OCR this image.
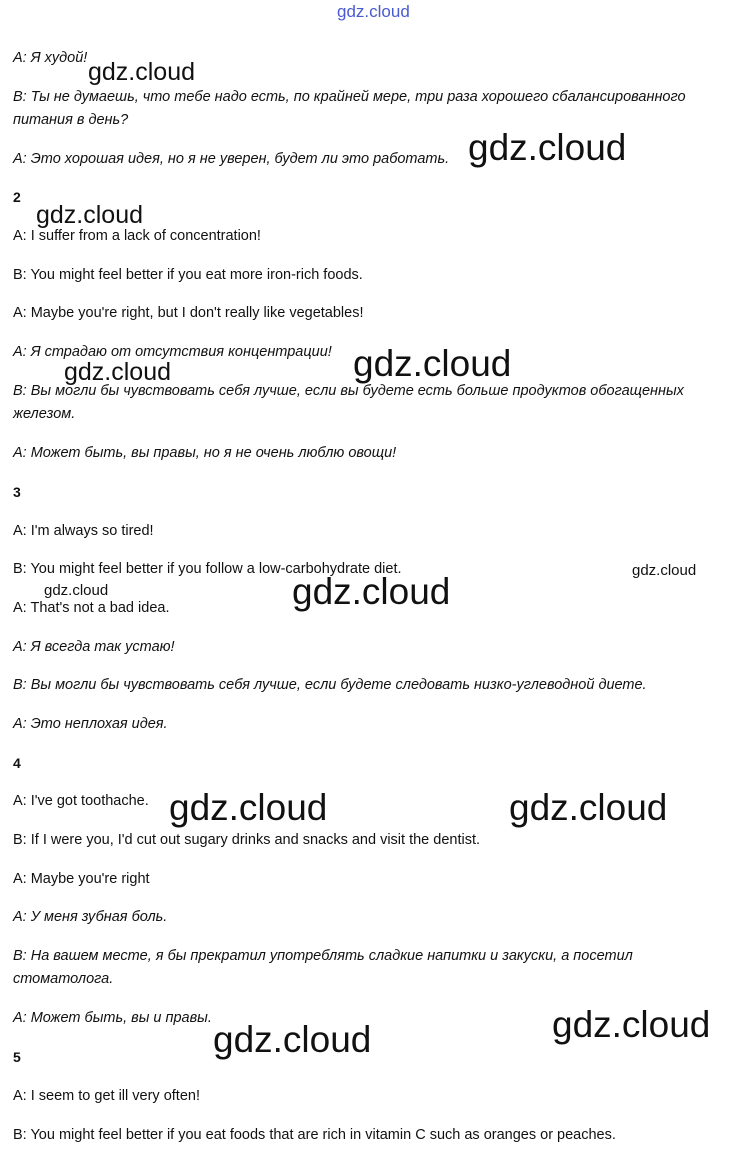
A: Я худой!
B: Ты не думаешь, что тебе надо есть, по крайней мере, три раза хорошего сбалансированного
питания в день?
A: Это хорошая идея, но я не уверен, будет ли это работать.
2
A: I suffer from a lack of concentration!
B: You might feel better if you eat more iron-rich foods.
A: Maybe you're right, but I don't really like vegetables!
A: Я страдаю от отсутствия концентрации!
B: Вы могли бы чувствовать себя лучше, если вы будете есть больше продуктов обогащенных
железом.
A: Может быть, вы правы, но я не очень люблю овощи!
3
A: I'm always so tired!
B: You might feel better if you follow a low-carbohydrate diet.
A: That's not a bad idea.
A: Я всегда так устаю!
B: Вы могли бы чувствовать себя лучше, если будете следовать низко-углеводной диете.
A: Это неплохая идея.
4
A: I've got toothache.
B: If I were you, I'd cut out sugary drinks and snacks and visit the dentist.
A: Maybe you're right
A: У меня зубная боль.
B: На вашем месте, я бы прекратил употреблять сладкие напитки и закуски, а посетил
стоматолога.
A: Может быть, вы и правы.
5
A: I seem to get ill very often!
B: You might feel better if you eat foods that are rich in vitamin C such as oranges or peaches.
gdz.cloud
gdz.cloud
gdz.cloud
gdz.cloud
gdz.cloud
gdz.cloud
gdz.cloud
gdz.cloud
gdz.cloud
gdz.cloud	gdz.cloud
gdz.cloud
gdz.cloud
